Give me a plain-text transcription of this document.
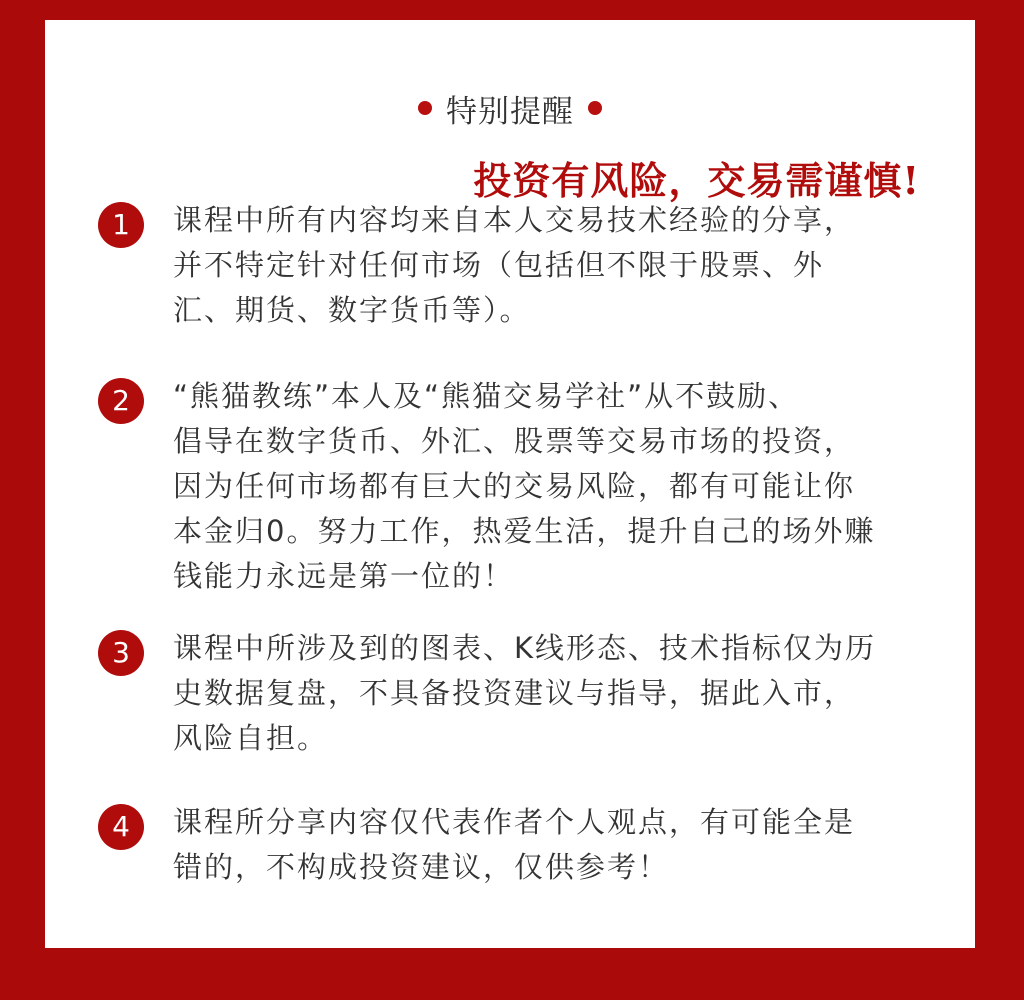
特别提醒
投资有风险，交易需谨慎!
1	课程中所有内容均来自本人交易技术经验的分享，
并不特定针对任何市场（包括但不限于股票、外
汇、期货、数字货币等）。

2	“熊猫教练”本人及“熊猫交易学社”从不鼓励、
倡导在数字货币、外汇、股票等交易市场的投资，
因为任何市场都有巨大的交易风险，都有可能让你
本金归0。努力工作，热爱生活，提升自己的场外赚
钱能力永远是第一位的！

3	课程中所涉及到的图表、K线形态、技术指标仅为历
史数据复盘，不具备投资建议与指导，据此入市，
风险自担。

4	课程所分享内容仅代表作者个人观点，有可能全是
错的，不构成投资建议，仅供参考！
